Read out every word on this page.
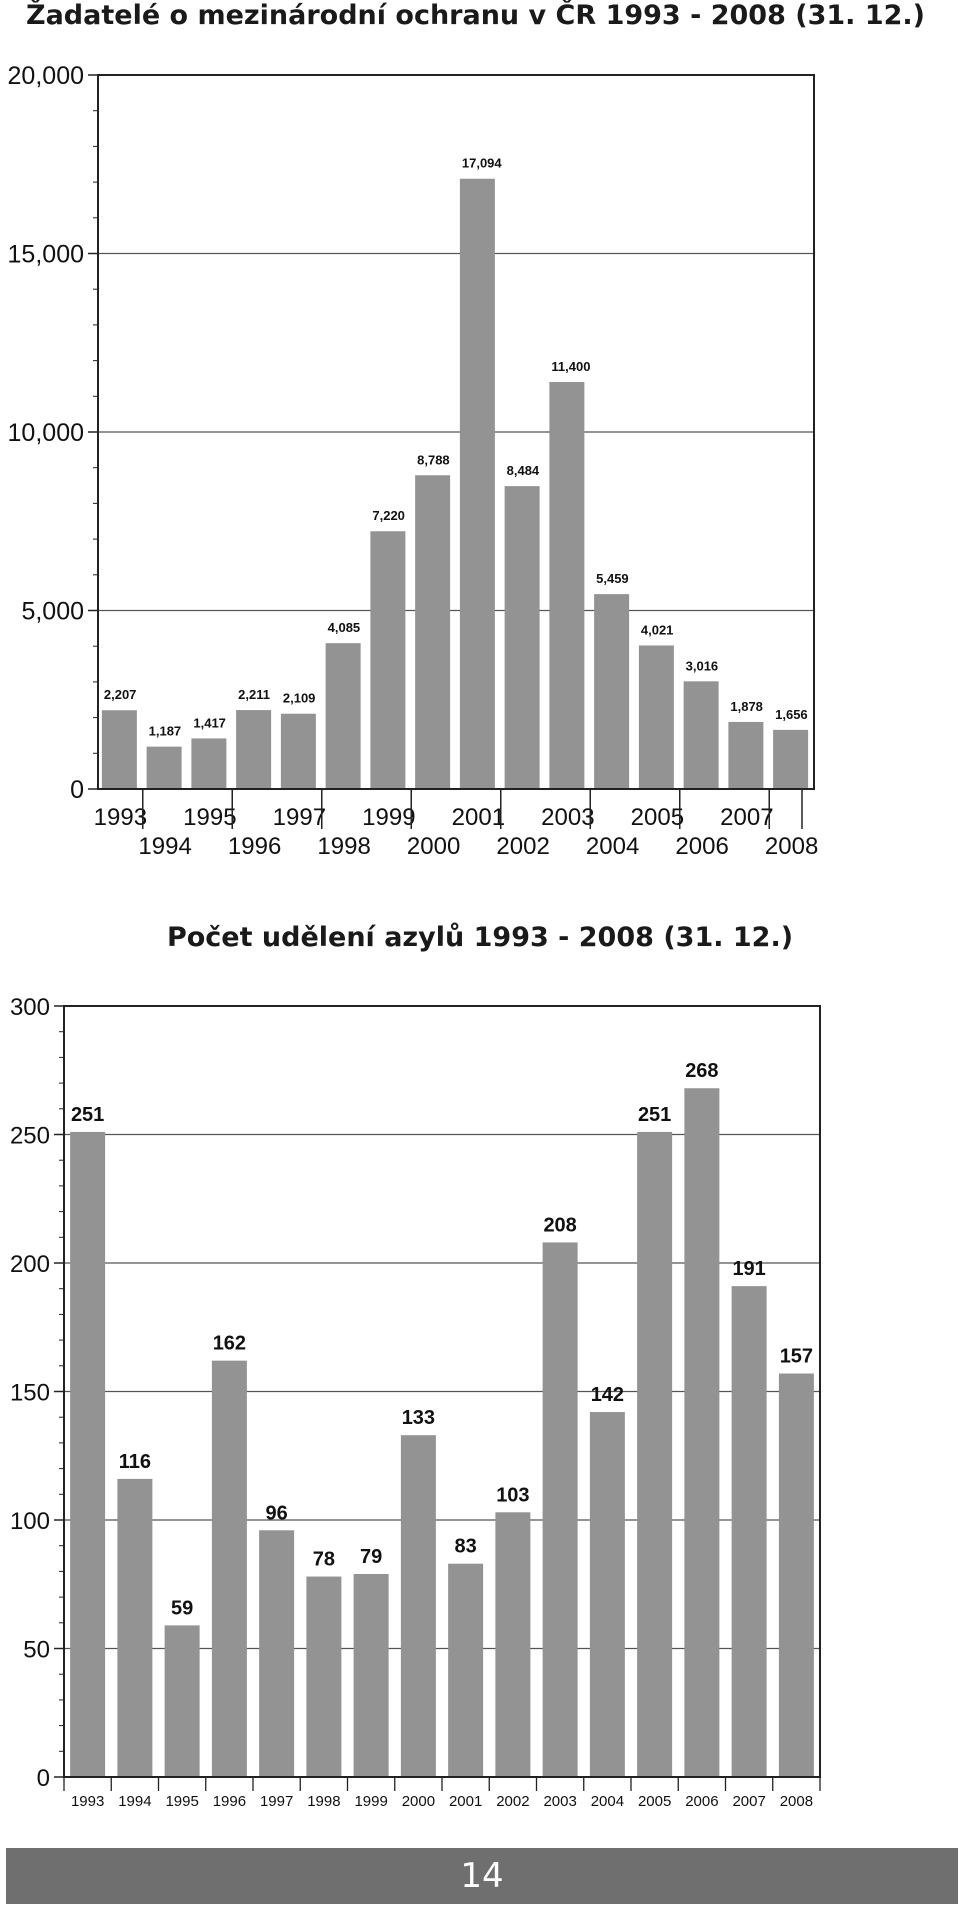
Žadatelé o mezinárodní ochranu v ČR 1993 - 2008 (31. 12.)
0
5,000
10,000
15,000
20,000
2,207
1,187
1,417
2,211 2,109
4,085
7,220
8,788
17,094
8,484
11,400
5,459
4,021
3,016
1,878
1,656
1993
1994
1995
1996
1997
1998
1999
2000
2001
2002
2003
2004
2005
2006
2007
2008
Počet udělení azylů 1993 - 2008 (31. 12.)
0
50
100
150
200
250
300
251
116
59
162
96
78 79
133
83
103
208
142
251
268
191
157
1993 1994 1995 1996 1997 1998 1999 2000 2001 2002 2003 2004 2005 2006 2007 2008
14
